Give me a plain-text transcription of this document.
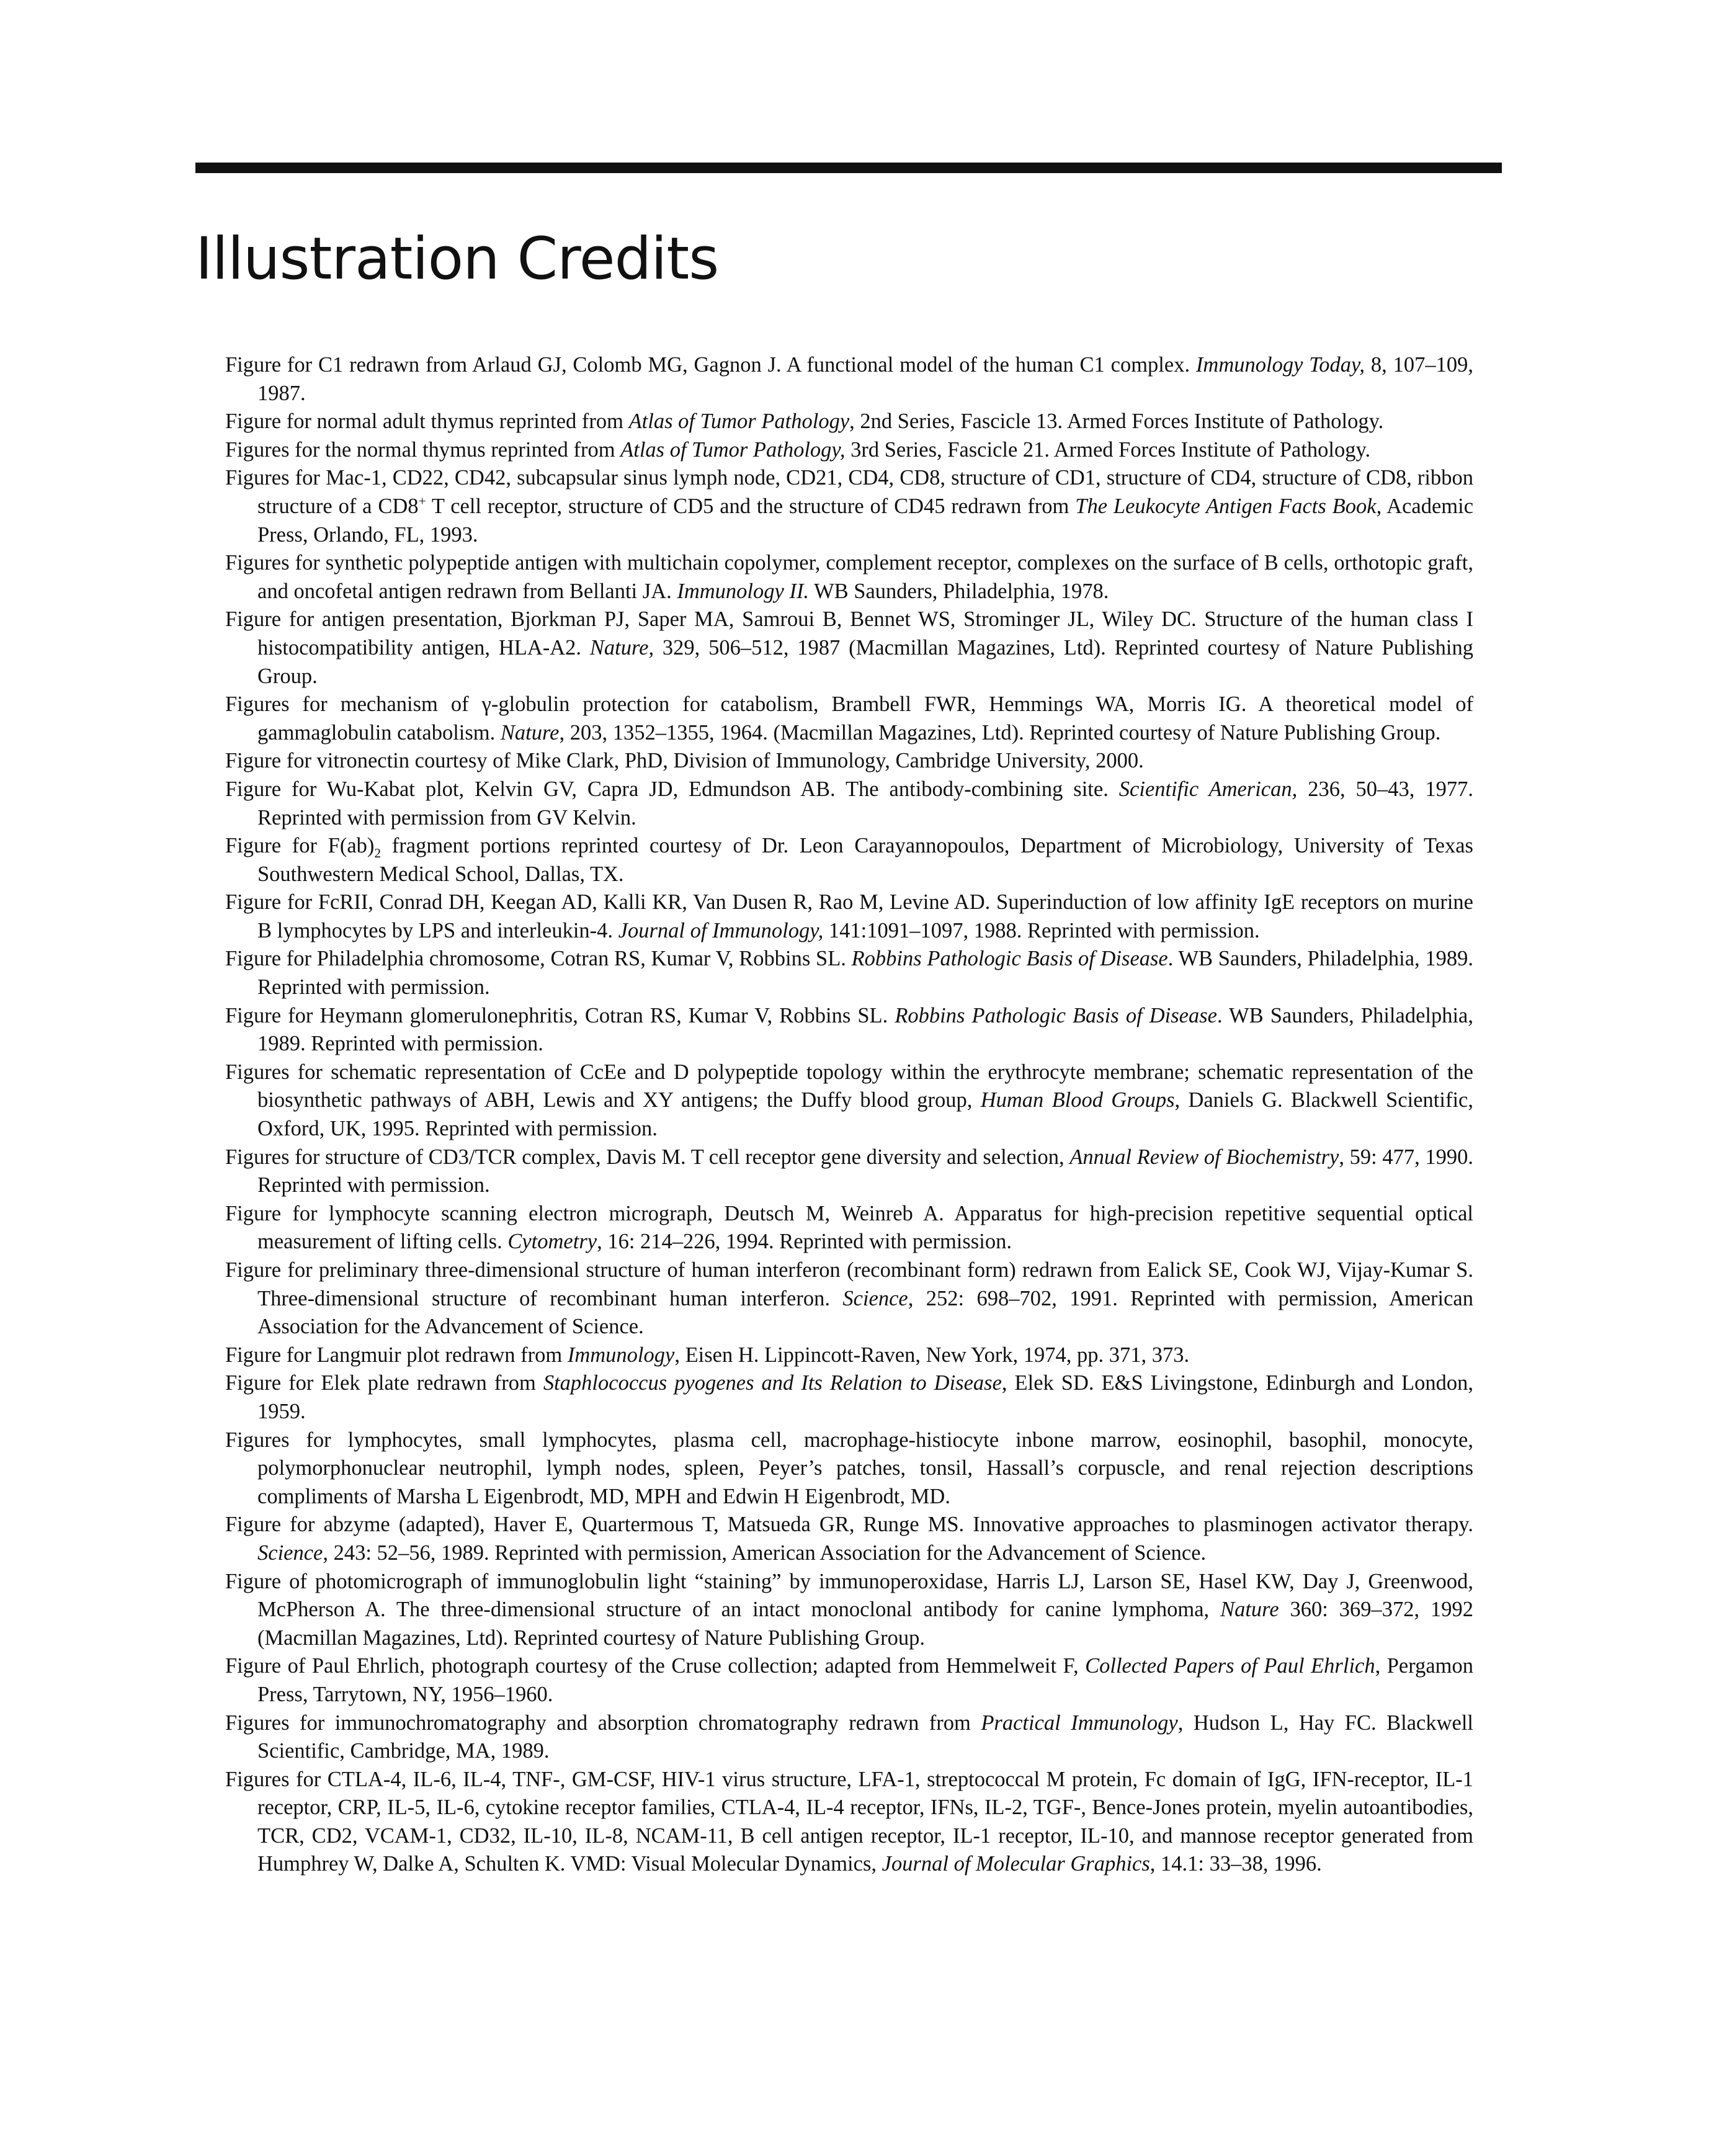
Illustration Credits

Figure for C1 redrawn from Arlaud GJ, Colomb MG, Gagnon J. A functional model of the human C1 complex. Immunology Today, 8, 107–109, 1987.

Figure for normal adult thymus reprinted from Atlas of Tumor Pathology, 2nd Series, Fascicle 13. Armed Forces Institute of Pathology.

Figures for the normal thymus reprinted from Atlas of Tumor Pathology, 3rd Series, Fascicle 21. Armed Forces Institute of Pathology.

Figures for Mac-1, CD22, CD42, subcapsular sinus lymph node, CD21, CD4, CD8, structure of CD1, structure of CD4, structure of CD8, ribbon structure of a CD8+ T cell receptor, structure of CD5 and the structure of CD45 redrawn from The Leukocyte Antigen Facts Book, Academic Press, Orlando, FL, 1993.

Figures for synthetic polypeptide antigen with multichain copolymer, complement receptor, complexes on the surface of B cells, orthotopic graft, and oncofetal antigen redrawn from Bellanti JA. Immunology II. WB Saunders, Philadelphia, 1978.

Figure for antigen presentation, Bjorkman PJ, Saper MA, Samroui B, Bennet WS, Strominger JL, Wiley DC. Structure of the human class I histocompatibility antigen, HLA-A2. Nature, 329, 506–512, 1987 (Macmillan Magazines, Ltd). Reprinted courtesy of Nature Publishing Group.

Figures for mechanism of γ-globulin protection for catabolism, Brambell FWR, Hemmings WA, Morris IG. A theoretical model of gammaglobulin catabolism. Nature, 203, 1352–1355, 1964. (Macmillan Magazines, Ltd). Reprinted courtesy of Nature Publishing Group.

Figure for vitronectin courtesy of Mike Clark, PhD, Division of Immunology, Cambridge University, 2000.

Figure for Wu-Kabat plot, Kelvin GV, Capra JD, Edmundson AB. The antibody-combining site. Scientific American, 236, 50–43, 1977. Reprinted with permission from GV Kelvin.

Figure for $F(ab)_2$ fragment portions reprinted courtesy of Dr. Leon Carayannopoulos, Department of Microbiology, University of Texas Southwestern Medical School, Dallas, TX.

Figure for FcRII, Conrad DH, Keegan AD, Kalli KR, Van Dusen R, Rao M, Levine AD. Superinduction of low affinity IgE receptors on murine B lymphocytes by LPS and interleukin-4. Journal of Immunology, 141:1091–1097, 1988. Reprinted with permission.

Figure for Philadelphia chromosome, Cotran RS, Kumar V, Robbins SL. Robbins Pathologic Basis of Disease. WB Saunders, Philadelphia, 1989. Reprinted with permission.

Figure for Heymann glomerulonephritis, Cotran RS, Kumar V, Robbins SL. Robbins Pathologic Basis of Disease. WB Saunders, Philadelphia, 1989. Reprinted with permission.

Figures for schematic representation of CcEe and D polypeptide topology within the erythrocyte membrane; schematic representation of the biosynthetic pathways of ABH, Lewis and XY antigens; the Duffy blood group, Human Blood Groups, Daniels G. Blackwell Scientific, Oxford, UK, 1995. Reprinted with permission.

Figures for structure of CD3/TCR complex, Davis M. T cell receptor gene diversity and selection, Annual Review of Biochemistry, 59: 477, 1990. Reprinted with permission.

Figure for lymphocyte scanning electron micrograph, Deutsch M, Weinreb A. Apparatus for high-precision repetitive sequential optical measurement of lifting cells. Cytometry, 16: 214–226, 1994. Reprinted with permission.

Figure for preliminary three-dimensional structure of human interferon (recombinant form) redrawn from Ealick SE, Cook WJ, Vijay-Kumar S. Three-dimensional structure of recombinant human interferon. Science, 252: 698–702, 1991. Reprinted with permission, American Association for the Advancement of Science.

Figure for Langmuir plot redrawn from Immunology, Eisen H. Lippincott-Raven, New York, 1974, pp. 371, 373.

Figure for Elek plate redrawn from Staphlococcus pyogenes and Its Relation to Disease, Elek SD. E&S Livingstone, Edinburgh and London, 1959.

Figures for lymphocytes, small lymphocytes, plasma cell, macrophage-histiocyte inbone marrow, eosinophil, basophil, monocyte, polymorphonuclear neutrophil, lymph nodes, spleen, Peyer’s patches, tonsil, Hassall’s corpuscle, and renal rejection descriptions compliments of Marsha L Eigenbrodt, MD, MPH and Edwin H Eigenbrodt, MD.

Figure for abzyme (adapted), Haver E, Quartermous T, Matsueda GR, Runge MS. Innovative approaches to plasminogen activator therapy. Science, 243: 52–56, 1989. Reprinted with permission, American Association for the Advancement of Science.

Figure of photomicrograph of immunoglobulin light “staining” by immunoperoxidase, Harris LJ, Larson SE, Hasel KW, Day J, Greenwood, McPherson A. The three-dimensional structure of an intact monoclonal antibody for canine lymphoma, Nature 360: 369–372, 1992 (Macmillan Magazines, Ltd). Reprinted courtesy of Nature Publishing Group.

Figure of Paul Ehrlich, photograph courtesy of the Cruse collection; adapted from Hemmelweit F, Collected Papers of Paul Ehrlich, Pergamon Press, Tarrytown, NY, 1956–1960.

Figures for immunochromatography and absorption chromatography redrawn from Practical Immunology, Hudson L, Hay FC. Blackwell Scientific, Cambridge, MA, 1989.

Figures for CTLA-4, IL-6, IL-4, TNF-, GM-CSF, HIV-1 virus structure, LFA-1, streptococcal M protein, Fc domain of IgG, IFN-receptor, IL-1 receptor, CRP, IL-5, IL-6, cytokine receptor families, CTLA-4, IL-4 receptor, IFNs, IL-2, TGF-, Bence-Jones protein, myelin autoantibodies, TCR, CD2, VCAM-1, CD32, IL-10, IL-8, NCAM-11, B cell antigen receptor, IL-1 receptor, IL-10, and mannose receptor generated from Humphrey W, Dalke A, Schulten K. VMD: Visual Molecular Dynamics, Journal of Molecular Graphics, 14.1: 33–38, 1996.
